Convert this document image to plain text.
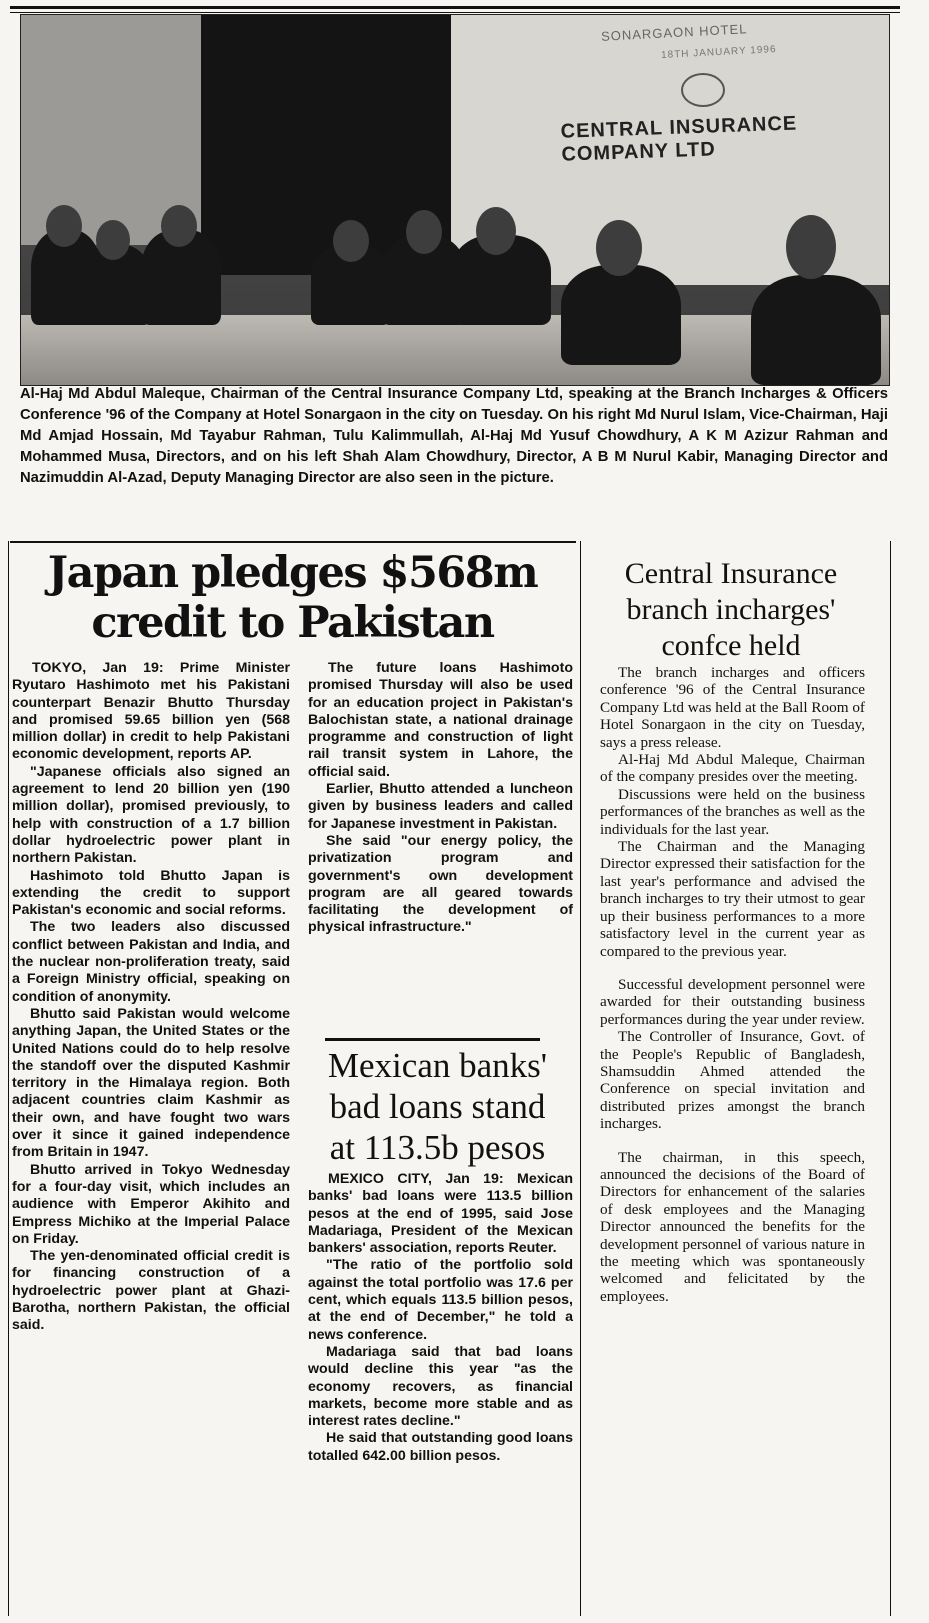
SONARGAON HOTEL
18TH JANUARY 1996
CENTRAL INSURANCE COMPANY LTD

Al-Haj Md Abdul Maleque, Chairman of the Central Insurance Company Ltd, speaking at the Branch Incharges & Officers Conference '96 of the Company at Hotel Sonargaon in the city on Tuesday. On his right Md Nurul Islam, Vice-Chairman, Haji Md Amjad Hossain, Md Tayabur Rahman, Tulu Kalimmullah, Al-Haj Md Yusuf Chowdhury, A K M Azizur Rahman and Mohammed Musa, Directors, and on his left Shah Alam Chowdhury, Director, A B M Nurul Kabir, Managing Director and Nazimuddin Al-Azad, Deputy Managing Director are also seen in the picture.

Japan pledges $568m
credit to Pakistan

TOKYO, Jan 19: Prime Minister Ryutaro Hashimoto met his Pakistani counterpart Benazir Bhutto Thursday and promised 59.65 billion yen (568 million dollar) in credit to help Pakistani economic development, reports AP.

"Japanese officials also signed an agreement to lend 20 billion yen (190 million dollar), promised previously, to help with construction of a 1.7 billion dollar hydroelectric power plant in northern Pakistan.

Hashimoto told Bhutto Japan is extending the credit to support Pakistan's economic and social reforms.

The two leaders also discussed conflict between Pakistan and India, and the nuclear non-proliferation treaty, said a Foreign Ministry official, speaking on condition of anonymity.

Bhutto said Pakistan would welcome anything Japan, the United States or the United Nations could do to help resolve the standoff over the disputed Kashmir territory in the Himalaya region. Both adjacent countries claim Kashmir as their own, and have fought two wars over it since it gained independence from Britain in 1947.

Bhutto arrived in Tokyo Wednesday for a four-day visit, which includes an audience with Emperor Akihito and Empress Michiko at the Imperial Palace on Friday.

The yen-denominated official credit is for financing construction of a hydroelectric power plant at Ghazi-Barotha, northern Pakistan, the official said.

The future loans Hashimoto promised Thursday will also be used for an education project in Pakistan's Balochistan state, a national drainage programme and construction of light rail transit system in Lahore, the official said.

Earlier, Bhutto attended a luncheon given by business leaders and called for Japanese investment in Pakistan.

She said "our energy policy, the privatization program and government's own development program are all geared towards facilitating the development of physical infrastructure."

Mexican banks'
bad loans stand
at 113.5b pesos

MEXICO CITY, Jan 19: Mexican banks' bad loans were 113.5 billion pesos at the end of 1995, said Jose Madariaga, President of the Mexican bankers' association, reports Reuter.

"The ratio of the portfolio sold against the total portfolio was 17.6 per cent, which equals 113.5 billion pesos, at the end of December," he told a news conference.

Madariaga said that bad loans would decline this year "as the economy recovers, as financial markets, become more stable and as interest rates decline."

He said that outstanding good loans totalled 642.00 billion pesos.

Central Insurance
branch incharges'
confce held

The branch incharges and officers conference '96 of the Central Insurance Company Ltd was held at the Ball Room of Hotel Sonargaon in the city on Tuesday, says a press release.

Al-Haj Md Abdul Maleque, Chairman of the company presides over the meeting.

Discussions were held on the business performances of the branches as well as the individuals for the last year.

The Chairman and the Managing Director expressed their satisfaction for the last year's performance and advised the branch incharges to try their utmost to gear up their business performances to a more satisfactory level in the current year as compared to the previous year.

Successful development personnel were awarded for their outstanding business performances during the year under review.

The Controller of Insurance, Govt. of the People's Republic of Bangladesh, Shamsuddin Ahmed attended the Conference on special invitation and distributed prizes amongst the branch incharges.

The chairman, in this speech, announced the decisions of the Board of Directors for enhancement of the salaries of desk employees and the Managing Director announced the benefits for the development personnel of various nature in the meeting which was spontaneously welcomed and felicitated by the employees.
